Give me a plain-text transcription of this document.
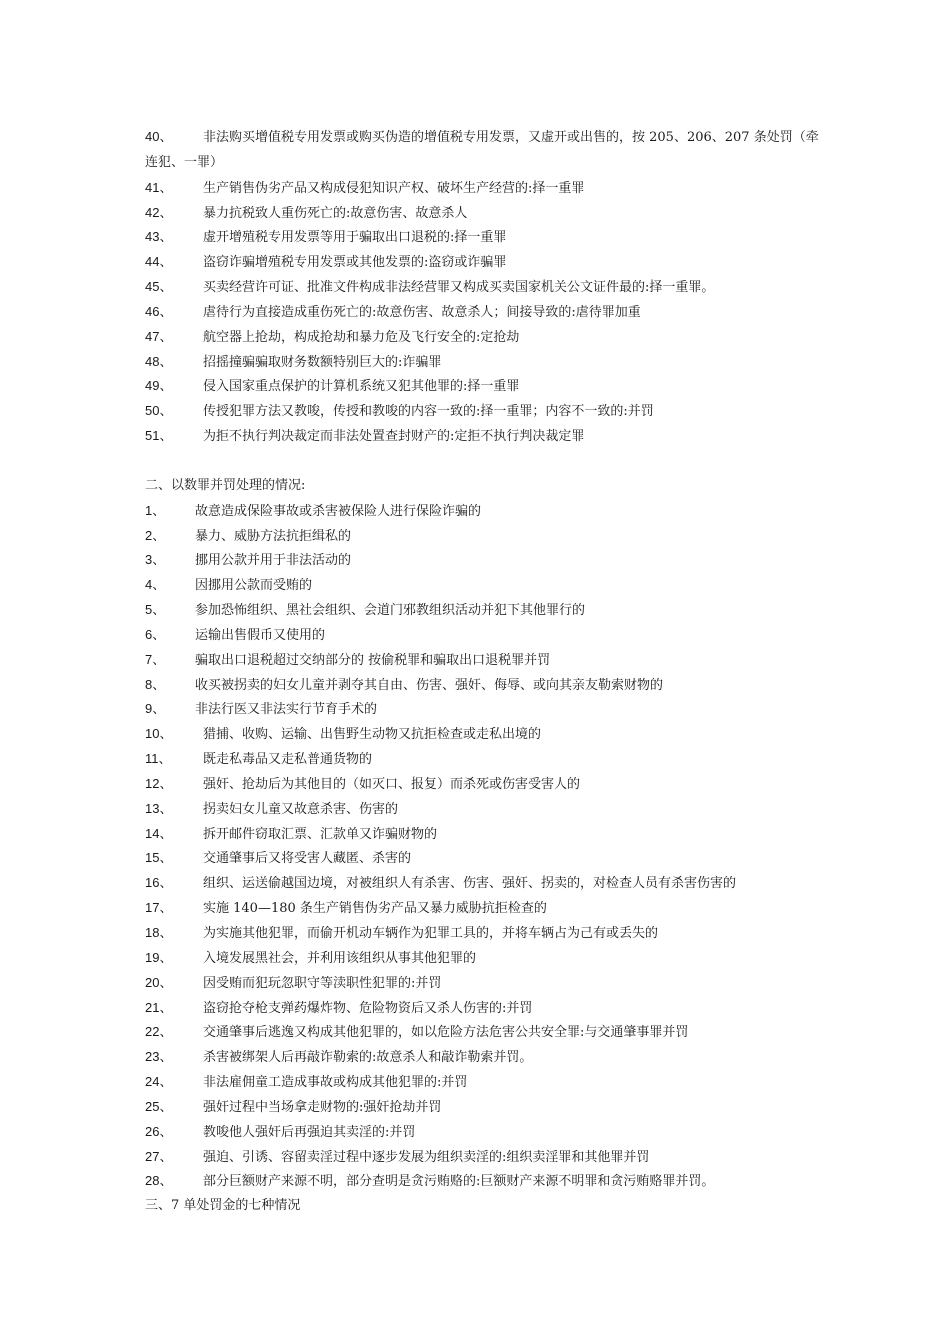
40、 非法购买增值税专用发票或购买伪造的增值税专用发票，又虚开或出售的，按 205、206、207 条处罚（牵连犯、一罪）
41、 生产销售伪劣产品又构成侵犯知识产权、破坏生产经营的:择一重罪
42、 暴力抗税致人重伤死亡的:故意伤害、故意杀人
43、 虚开增殖税专用发票等用于骗取出口退税的:择一重罪
44、 盗窃诈骗增殖税专用发票或其他发票的:盗窃或诈骗罪
45、 买卖经营许可证、批准文件构成非法经营罪又构成买卖国家机关公文证件最的:择一重罪。
46、 虐待行为直接造成重伤死亡的:故意伤害、故意杀人；间接导致的:虐待罪加重
47、 航空器上抢劫，构成抢劫和暴力危及飞行安全的:定抢劫
48、 招摇撞骗骗取财务数额特别巨大的:诈骗罪
49、 侵入国家重点保护的计算机系统又犯其他罪的:择一重罪
50、 传授犯罪方法又教唆，传授和教唆的内容一致的:择一重罪；内容不一致的:并罚
51、 为拒不执行判决裁定而非法处置查封财产的:定拒不执行判决裁定罪
二、以数罪并罚处理的情况:
1、 故意造成保险事故或杀害被保险人进行保险诈骗的
2、 暴力、威胁方法抗拒缉私的
3、 挪用公款并用于非法活动的
4、 因挪用公款而受贿的
5、 参加恐怖组织、黑社会组织、会道门邪教组织活动并犯下其他罪行的
6、 运输出售假币又使用的
7、 骗取出口退税超过交纳部分的 按偷税罪和骗取出口退税罪并罚
8、 收买被拐卖的妇女儿童并剥夺其自由、伤害、强奸、侮辱、或向其亲友勒索财物的
9、 非法行医又非法实行节育手术的
10、 猎捕、收购、运输、出售野生动物又抗拒检查或走私出境的
11、 既走私毒品又走私普通货物的
12、 强奸、抢劫后为其他目的（如灭口、报复）而杀死或伤害受害人的
13、 拐卖妇女儿童又故意杀害、伤害的
14、 拆开邮件窃取汇票、汇款单又诈骗财物的
15、 交通肇事后又将受害人藏匿、杀害的
16、 组织、运送偷越国边境，对被组织人有杀害、伤害、强奸、拐卖的，对检查人员有杀害伤害的
17、 实施 140—180 条生产销售伪劣产品又暴力威胁抗拒检查的
18、 为实施其他犯罪，而偷开机动车辆作为犯罪工具的，并将车辆占为己有或丢失的
19、 入境发展黑社会，并利用该组织从事其他犯罪的
20、 因受贿而犯玩忽职守等渎职性犯罪的:并罚
21、 盗窃抢夺枪支弹药爆炸物、危险物资后又杀人伤害的:并罚
22、 交通肇事后逃逸又构成其他犯罪的，如以危险方法危害公共安全罪:与交通肇事罪并罚
23、 杀害被绑架人后再敲诈勒索的:故意杀人和敲诈勒索并罚。
24、 非法雇佣童工造成事故或构成其他犯罪的:并罚
25、 强奸过程中当场拿走财物的:强奸抢劫并罚
26、 教唆他人强奸后再强迫其卖淫的:并罚
27、 强迫、引诱、容留卖淫过程中逐步发展为组织卖淫的:组织卖淫罪和其他罪并罚
28、 部分巨额财产来源不明，部分查明是贪污贿赂的:巨额财产来源不明罪和贪污贿赂罪并罚。
三、7 单处罚金的七种情况
